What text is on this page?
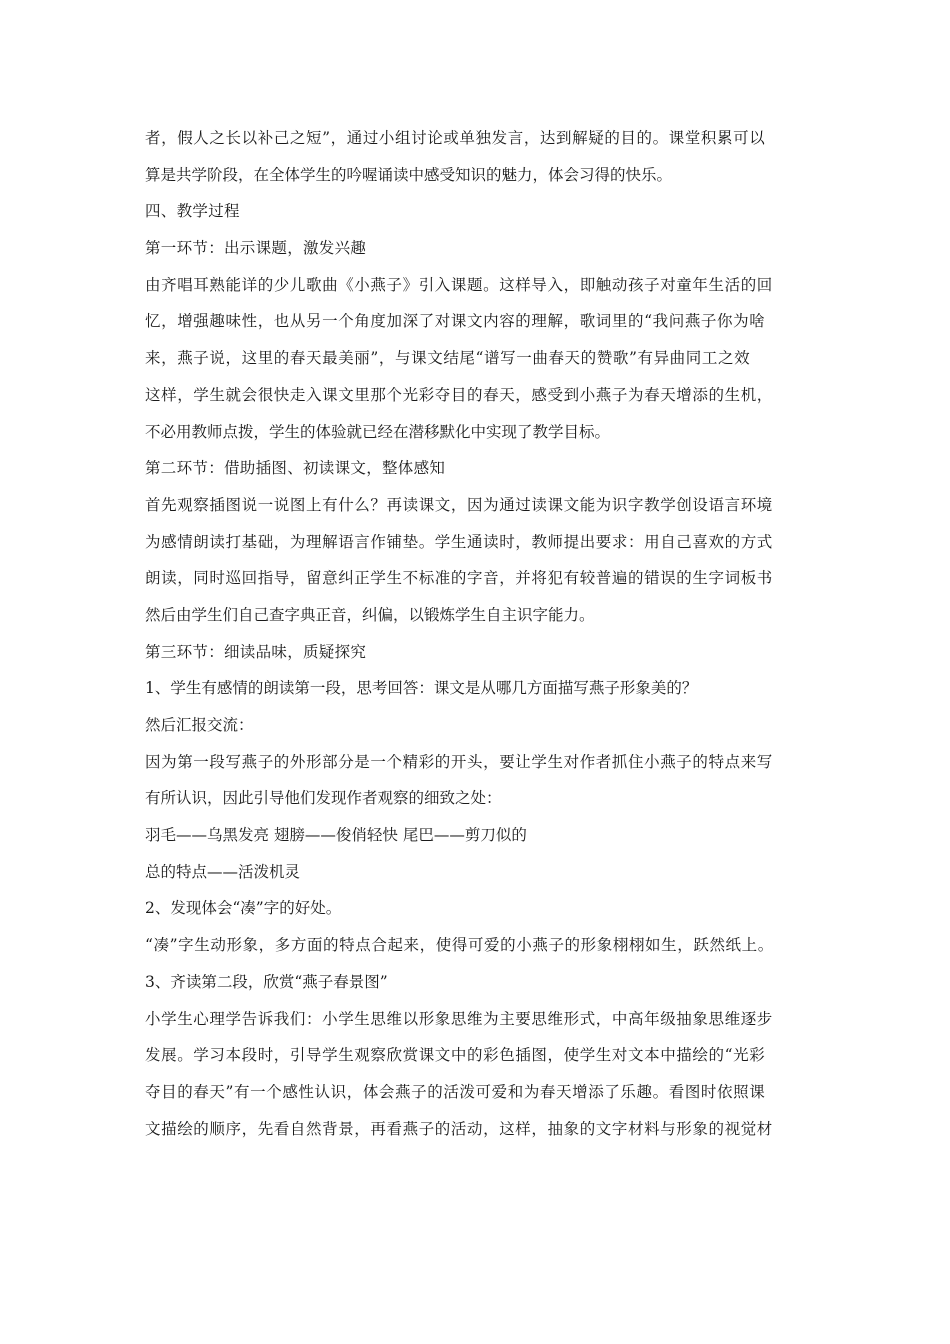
者，假人之长以补己之短”，通过小组讨论或单独发言，达到解疑的目的。课堂积累可以
算是共学阶段，在全体学生的吟喔诵读中感受知识的魅力，体会习得的快乐。
四、教学过程
第一环节：出示课题，激发兴趣
由齐唱耳熟能详的少儿歌曲《小燕子》引入课题。这样导入，即触动孩子对童年生活的回
忆，增强趣味性，也从另一个角度加深了对课文内容的理解，歌词里的“我问燕子你为啥
来，燕子说，这里的春天最美丽”，与课文结尾“谱写一曲春天的赞歌”有异曲同工之效
这样，学生就会很快走入课文里那个光彩夺目的春天，感受到小燕子为春天增添的生机，
不必用教师点拨，学生的体验就已经在潜移默化中实现了教学目标。
第二环节：借助插图、初读课文，整体感知
首先观察插图说一说图上有什么？再读课文，因为通过读课文能为识字教学创设语言环境
为感情朗读打基础，为理解语言作铺垫。学生通读时，教师提出要求：用自己喜欢的方式
朗读，同时巡回指导，留意纠正学生不标准的字音，并将犯有较普遍的错误的生字词板书
然后由学生们自己查字典正音，纠偏，以锻炼学生自主识字能力。
第三环节：细读品味，质疑探究
1、学生有感情的朗读第一段，思考回答：课文是从哪几方面描写燕子形象美的？
然后汇报交流：
因为第一段写燕子的外形部分是一个精彩的开头，要让学生对作者抓住小燕子的特点来写
有所认识，因此引导他们发现作者观察的细致之处：
羽毛——乌黑发亮 翅膀——俊俏轻快 尾巴——剪刀似的
总的特点——活泼机灵
2、发现体会“凑”字的好处。
“凑”字生动形象，多方面的特点合起来，使得可爱的小燕子的形象栩栩如生，跃然纸上。
3、齐读第二段，欣赏“燕子春景图”
小学生心理学告诉我们：小学生思维以形象思维为主要思维形式，中高年级抽象思维逐步
发展。学习本段时，引导学生观察欣赏课文中的彩色插图，使学生对文本中描绘的“光彩
夺目的春天”有一个感性认识，体会燕子的活泼可爱和为春天增添了乐趣。看图时依照课
文描绘的顺序，先看自然背景，再看燕子的活动，这样，抽象的文字材料与形象的视觉材
